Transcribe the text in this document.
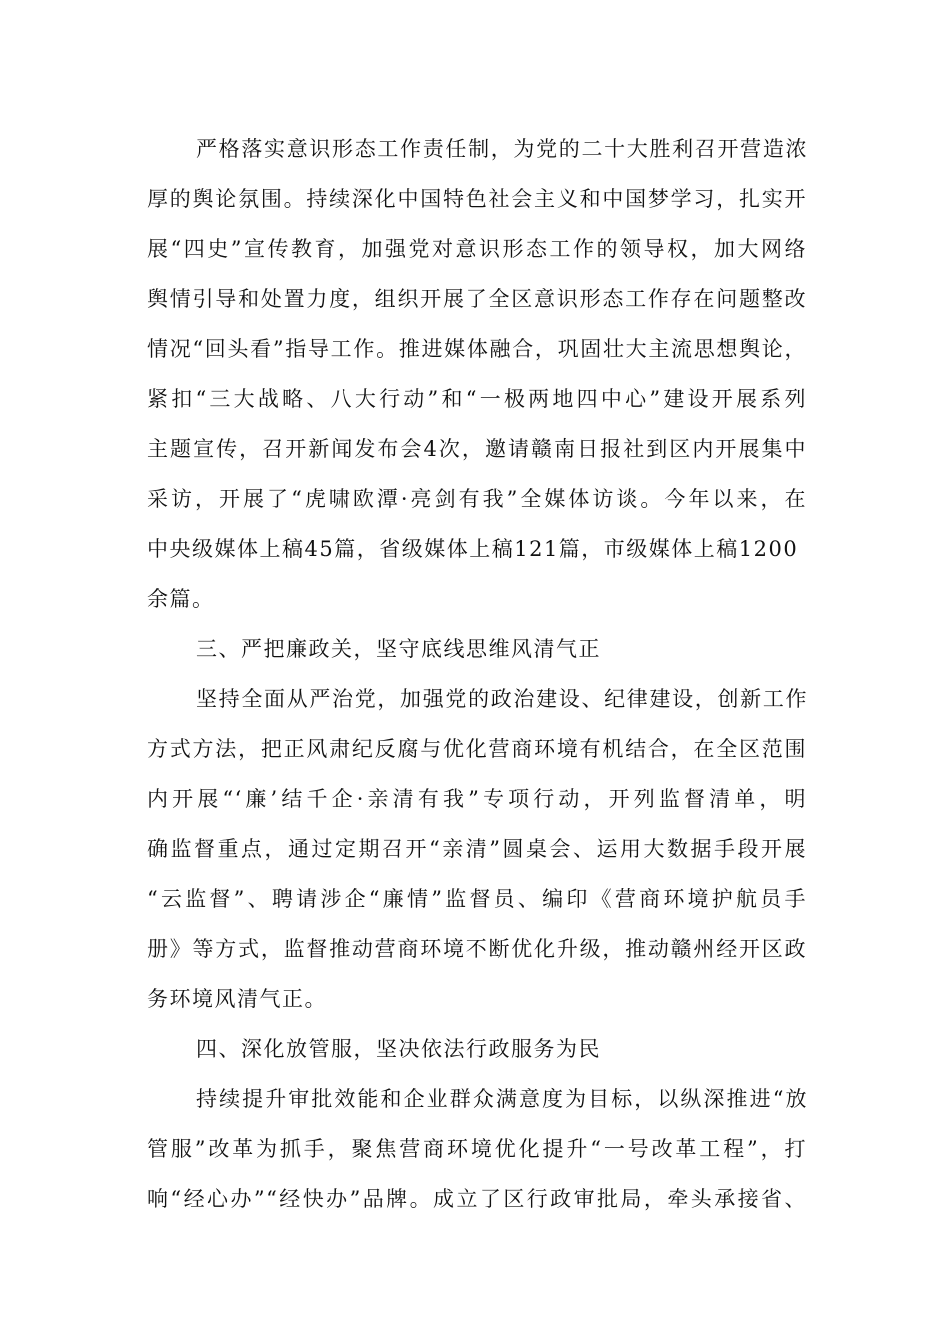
严格落实意识形态工作责任制，为党的二十大胜利召开营造浓
厚的舆论氛围。持续深化中国特色社会主义和中国梦学习，扎实开
展“四史”宣传教育，加强党对意识形态工作的领导权，加大网络
舆情引导和处置力度，组织开展了全区意识形态工作存在问题整改
情况“回头看”指导工作。推进媒体融合，巩固壮大主流思想舆论，
紧扣“三大战略、八大行动”和“一极两地四中心”建设开展系列
主题宣传，召开新闻发布会4次，邀请赣南日报社到区内开展集中
采访，开展了“虎啸欧潭·亮剑有我”全媒体访谈。今年以来，在
中央级媒体上稿45篇，省级媒体上稿121篇，市级媒体上稿1200
余篇。
三、严把廉政关，坚守底线思维风清气正
坚持全面从严治党，加强党的政治建设、纪律建设，创新工作
方式方法，把正风肃纪反腐与优化营商环境有机结合，在全区范围
内开展“‘廉’结千企·亲清有我”专项行动，开列监督清单，明
确监督重点，通过定期召开“亲清”圆桌会、运用大数据手段开展
“云监督”、聘请涉企“廉情”监督员、编印《营商环境护航员手
册》等方式，监督推动营商环境不断优化升级，推动赣州经开区政
务环境风清气正。
四、深化放管服，坚决依法行政服务为民
持续提升审批效能和企业群众满意度为目标，以纵深推进“放
管服”改革为抓手，聚焦营商环境优化提升“一号改革工程”，打
响“经心办”“经快办”品牌。成立了区行政审批局，牵头承接省、
